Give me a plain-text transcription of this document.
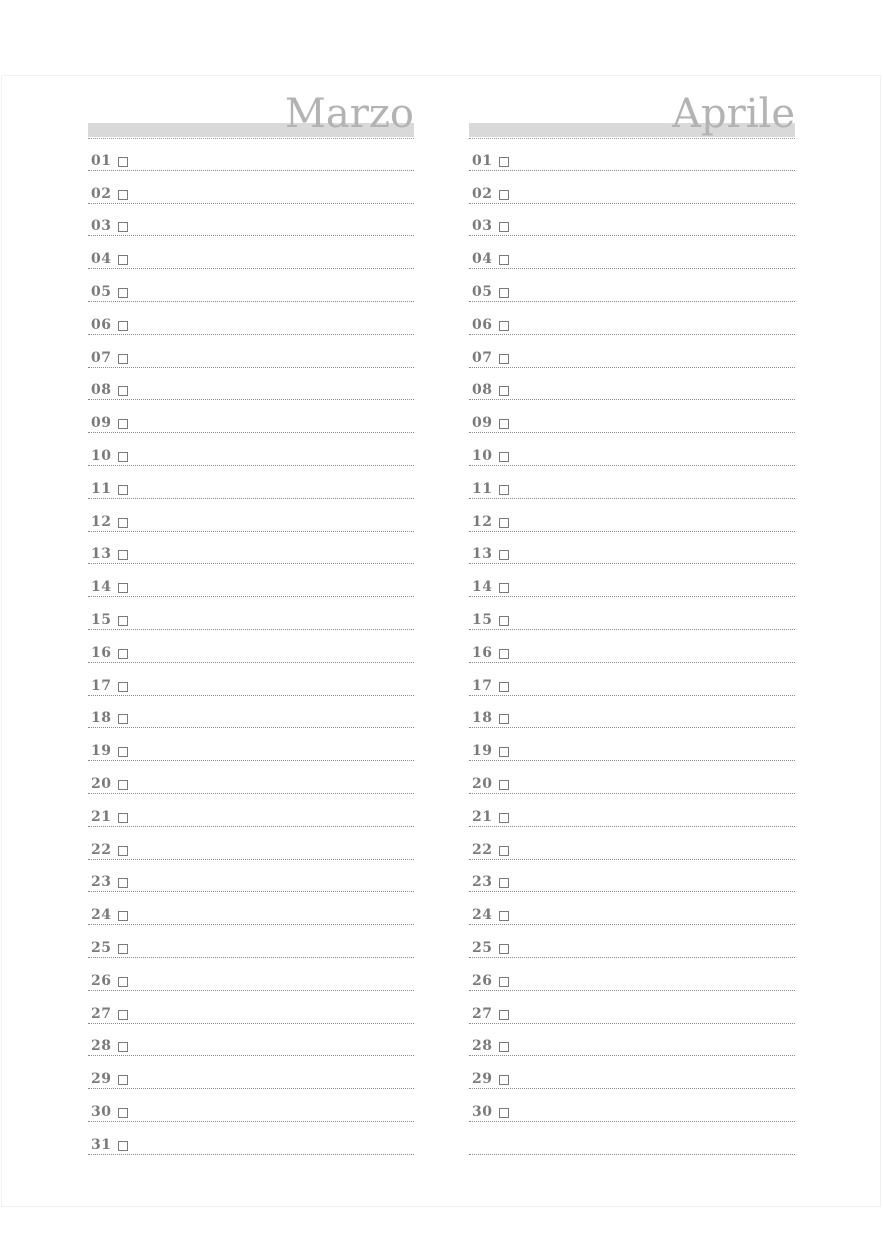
Marzo
01
02
03
04
05
06
07
08
09
10
11
12
13
14
15
16
17
18
19
20
21
22
23
24
25
26
27
28
29
30
31
Aprile
01
02
03
04
05
06
07
08
09
10
11
12
13
14
15
16
17
18
19
20
21
22
23
24
25
26
27
28
29
30
